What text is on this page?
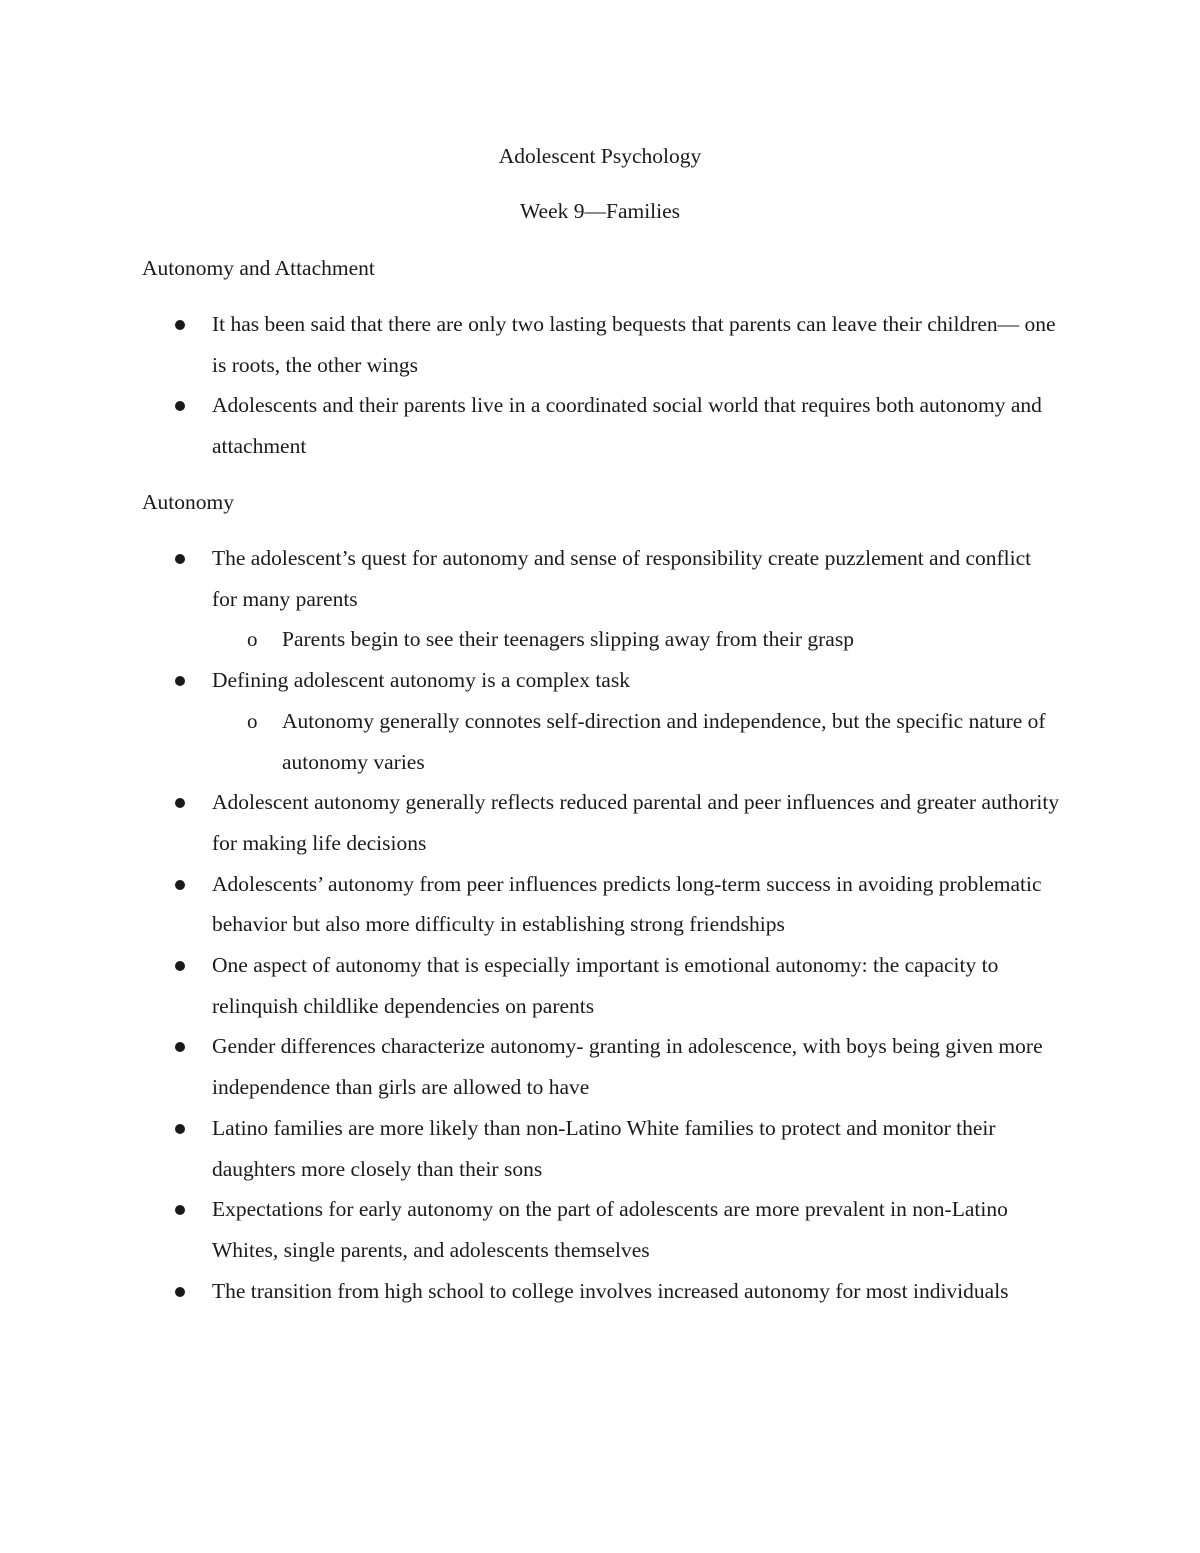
Adolescent Psychology
Week 9—Families
Autonomy and Attachment
It has been said that there are only two lasting bequests that parents can leave their children— one is roots, the other wings
Adolescents and their parents live in a coordinated social world that requires both autonomy and attachment
Autonomy
The adolescent’s quest for autonomy and sense of responsibility create puzzlement and conflict for many parents
o Parents begin to see their teenagers slipping away from their grasp
Defining adolescent autonomy is a complex task
o Autonomy generally connotes self-direction and independence, but the specific nature of autonomy varies
Adolescent autonomy generally reflects reduced parental and peer influences and greater authority for making life decisions
Adolescents’ autonomy from peer influences predicts long-term success in avoiding problematic behavior but also more difficulty in establishing strong friendships
One aspect of autonomy that is especially important is emotional autonomy: the capacity to relinquish childlike dependencies on parents
Gender differences characterize autonomy- granting in adolescence, with boys being given more independence than girls are allowed to have
Latino families are more likely than non-Latino White families to protect and monitor their daughters more closely than their sons
Expectations for early autonomy on the part of adolescents are more prevalent in non-Latino Whites, single parents, and adolescents themselves
The transition from high school to college involves increased autonomy for most individuals
